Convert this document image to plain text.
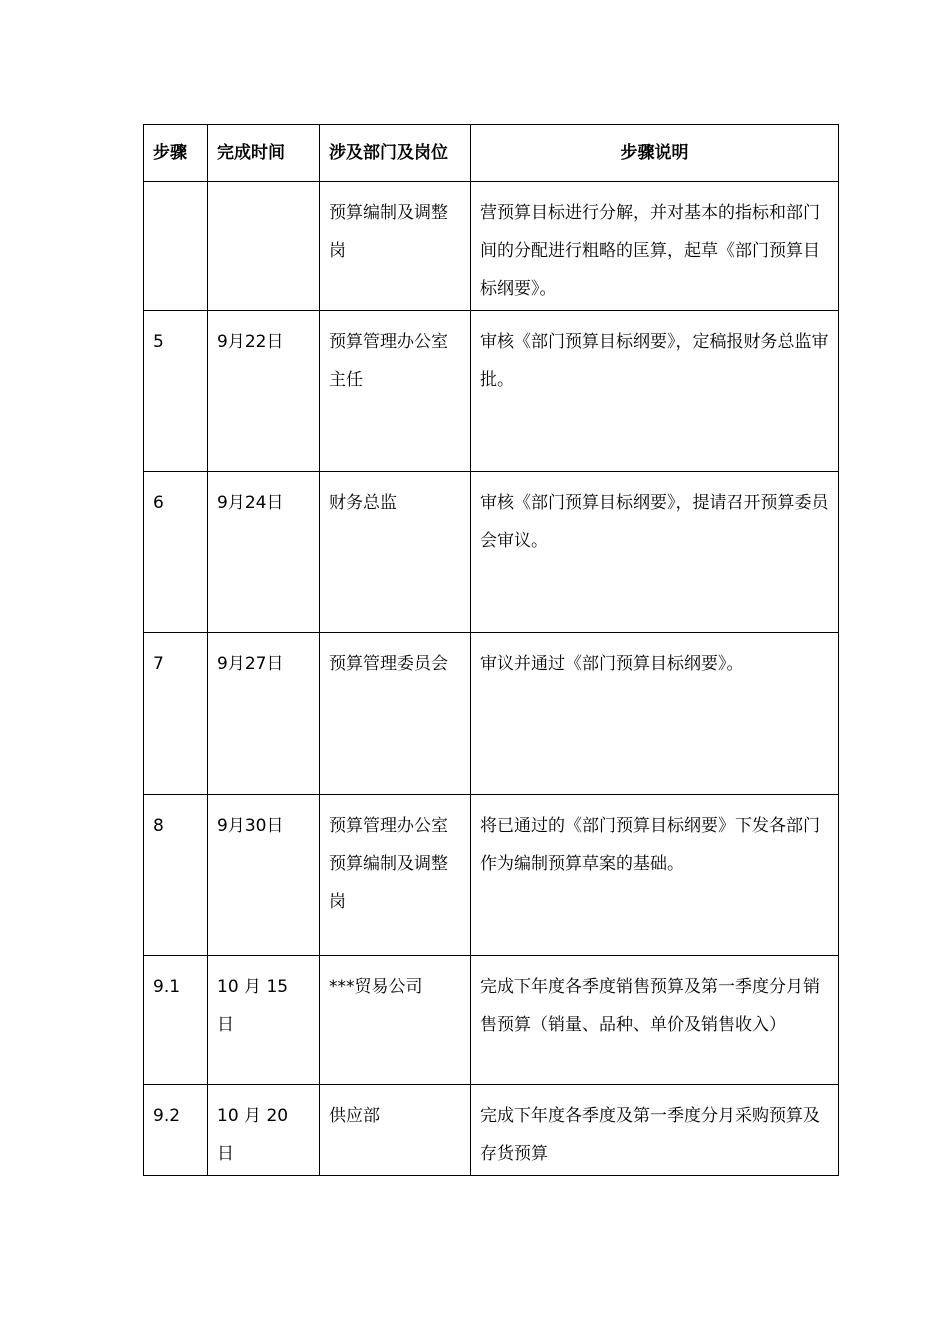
步骤	完成时间	涉及部门及岗位	步骤说明
		预算编制及调整岗	营预算目标进行分解，并对基本的指标和部门间的分配进行粗略的匡算，起草《部门预算目标纲要》。
5	9月22日	预算管理办公室主任	审核《部门预算目标纲要》，定稿报财务总监审批。
6	9月24日	财务总监	审核《部门预算目标纲要》，提请召开预算委员会审议。
7	9月27日	预算管理委员会	审议并通过《部门预算目标纲要》。
8	9月30日	预算管理办公室预算编制及调整岗	将已通过的《部门预算目标纲要》下发各部门作为编制预算草案的基础。
9.1	10 月 15 日	***贸易公司	完成下年度各季度销售预算及第一季度分月销售预算（销量、品种、单价及销售收入）
9.2	10 月 20 日	供应部	完成下年度各季度及第一季度分月采购预算及存货预算
